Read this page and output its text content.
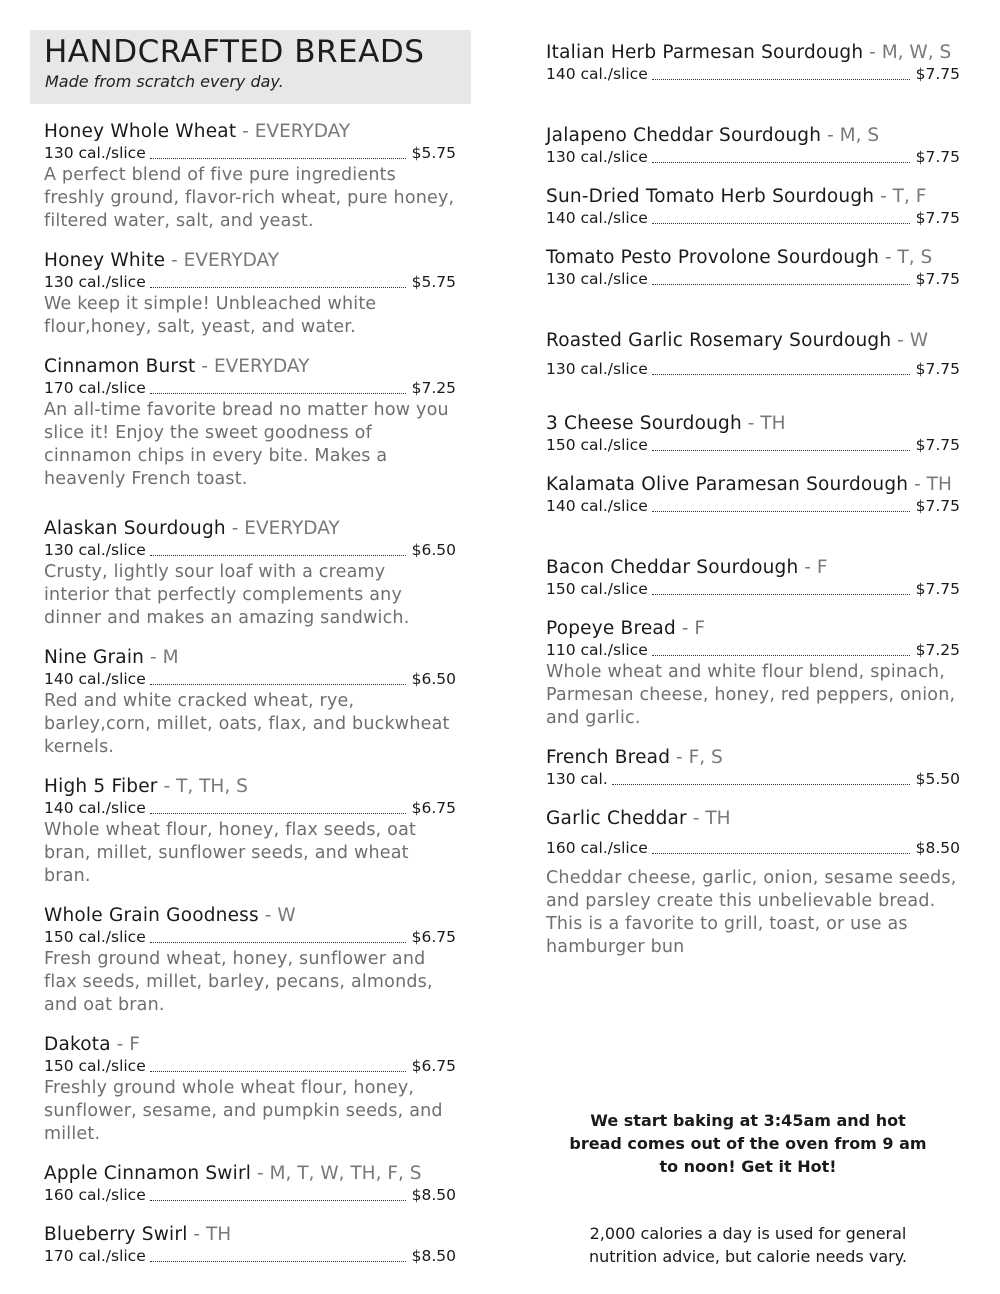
HANDCRAFTED BREADS
Made from scratch every day.
Honey Whole Wheat - EVERYDAY
130 cal./slice	$5.75
A perfect blend of five pure ingredients freshly ground, flavor-rich wheat, pure honey, filtered water, salt, and yeast.
Honey White - EVERYDAY
130 cal./slice	$5.75
We keep it simple! Unbleached white flour,honey, salt, yeast, and water.
Cinnamon Burst - EVERYDAY
170 cal./slice	$7.25
An all-time favorite bread no matter how you slice it! Enjoy the sweet goodness of cinnamon chips in every bite. Makes a heavenly French toast.
Alaskan Sourdough - EVERYDAY
130 cal./slice	$6.50
Crusty, lightly sour loaf with a creamy interior that perfectly complements any dinner and makes an amazing sandwich.
Nine Grain - M
140 cal./slice	$6.50
Red and white cracked wheat, rye, barley,corn, millet, oats, flax, and buckwheat kernels.
High 5 Fiber - T, TH, S
140 cal./slice	$6.75
Whole wheat flour, honey, flax seeds, oat bran, millet, sunflower seeds, and wheat bran.
Whole Grain Goodness - W
150 cal./slice	$6.75
Fresh ground wheat, honey, sunflower and flax seeds, millet, barley, pecans, almonds, and oat bran.
Dakota - F
150 cal./slice	$6.75
Freshly ground whole wheat flour, honey, sunflower, sesame, and pumpkin seeds, and millet.
Apple Cinnamon Swirl - M, T, W, TH, F, S
160 cal./slice	$8.50
Blueberry Swirl - TH
170 cal./slice	$8.50
Italian Herb Parmesan Sourdough - M, W, S
140 cal./slice	$7.75
Jalapeno Cheddar Sourdough - M, S
130 cal./slice	$7.75
Sun-Dried Tomato Herb Sourdough - T, F
140 cal./slice	$7.75
Tomato Pesto Provolone Sourdough - T, S
130 cal./slice	$7.75
Roasted Garlic Rosemary Sourdough - W
130 cal./slice	$7.75
3 Cheese Sourdough - TH
150 cal./slice	$7.75
Kalamata Olive Paramesan Sourdough - TH
140 cal./slice	$7.75
Bacon Cheddar Sourdough - F
150 cal./slice	$7.75
Popeye Bread - F
110 cal./slice	$7.25
Whole wheat and white flour blend, spinach, Parmesan cheese, honey, red peppers, onion, and garlic.
French Bread - F, S
130 cal.	$5.50
Garlic Cheddar - TH
160 cal./slice	$8.50
Cheddar cheese, garlic, onion, sesame seeds, and parsley create this unbelievable bread. This is a favorite to grill, toast, or use as hamburger bun
We start baking at 3:45am and hot bread comes out of the oven from 9 am to noon! Get it Hot!
2,000 calories a day is used for general nutrition advice, but calorie needs vary.
